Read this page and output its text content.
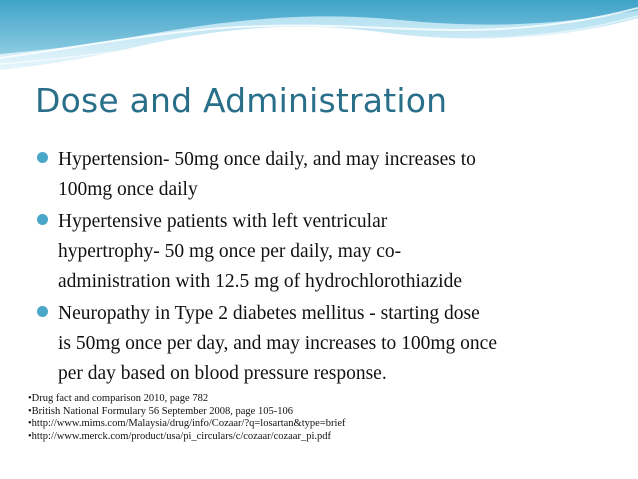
Dose and Administration
Hypertension- 50mg once daily, and may increases to
100mg once daily
Hypertensive patients with left ventricular
hypertrophy- 50 mg once per daily, may co-
administration with 12.5 mg of hydrochlorothiazide
Neuropathy in Type 2 diabetes mellitus - starting dose
is 50mg once per day, and may increases to 100mg once
per day based on blood pressure response.
•Drug fact and comparison 2010, page 782
•British National Formulary 56 September 2008, page 105-106
•http://www.mims.com/Malaysia/drug/info/Cozaar/?q=losartan&type=brief
•http://www.merck.com/product/usa/pi_circulars/c/cozaar/cozaar_pi.pdf
